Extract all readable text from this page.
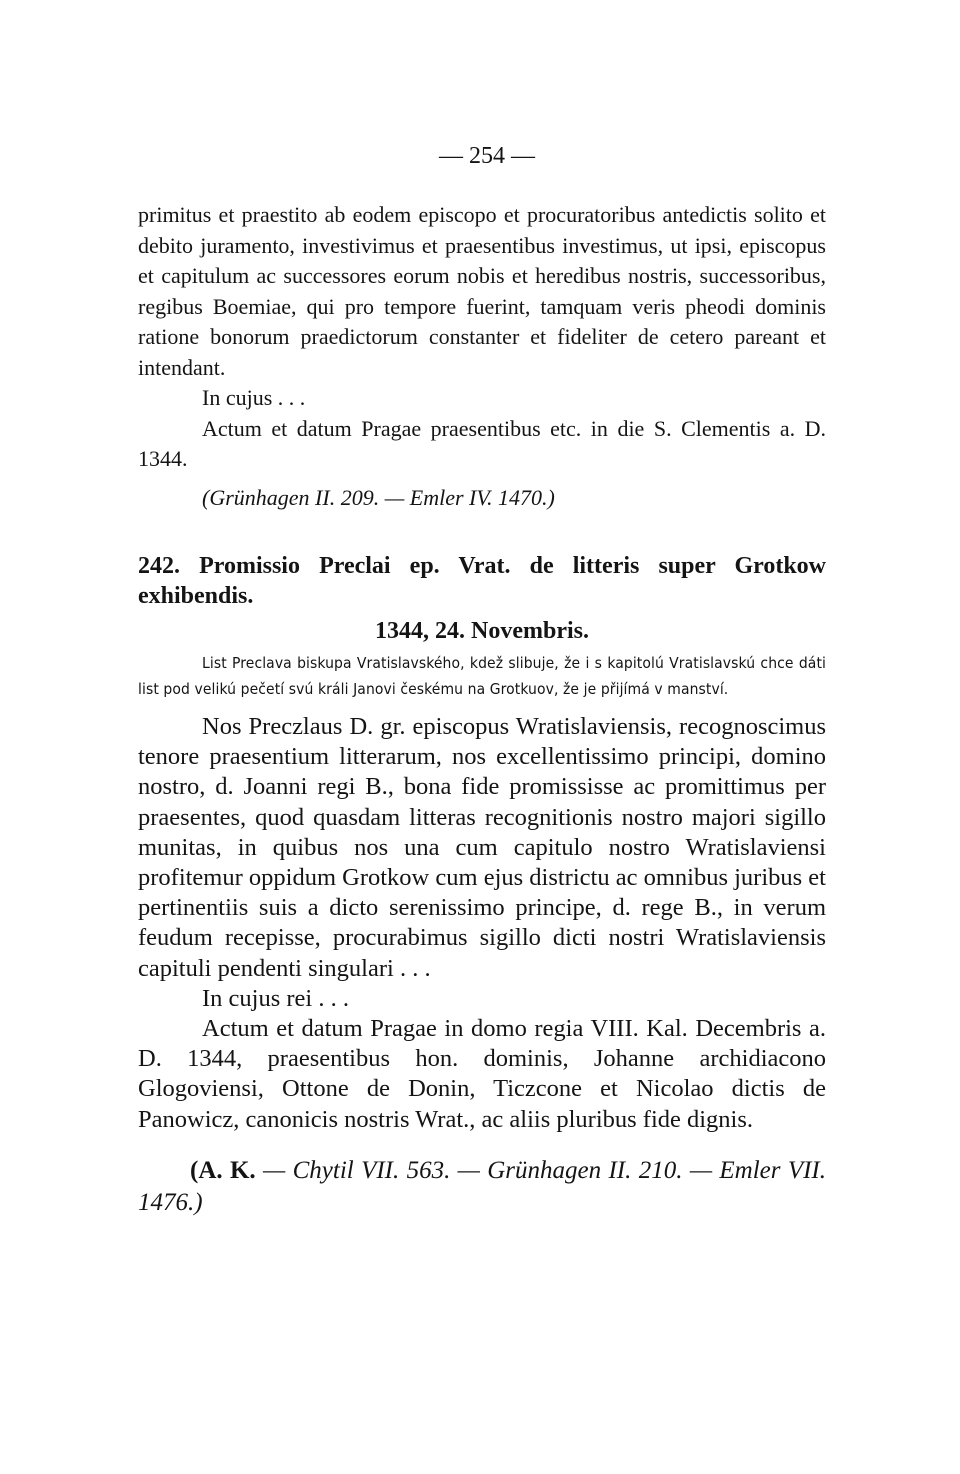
— 254 —

primitus et praestito ab eodem episcopo et procuratoribus antedictis solito et debito juramento, investivimus et praesentibus investimus, ut ipsi, episcopus et capitulum ac successores eorum nobis et heredibus nostris, successoribus, regibus Boemiae, qui pro tempore fuerint, tamquam veris pheodi dominis ratione bonorum praedictorum constanter et fideliter de cetero pareant et intendant.

In cujus . . .

Actum et datum Pragae praesentibus etc. in die S. Clementis a. D. 1344.

(Grünhagen II. 209. — Emler IV. 1470.)

242. Promissio Preclai ep. Vrat. de litteris super Grotkow exhibendis.

1344, 24. Novembris.

List Preclava biskupa Vratislavského, kdež slibuje, že i s kapitolú Vratislavskú chce dáti list pod velikú pečetí svú králi Janovi českému na Grotkuov, že je přijímá v manství.

Nos Preczlaus D. gr. episcopus Wratislaviensis, recognoscimus tenore praesentium litterarum, nos excellentissimo principi, domino nostro, d. Joanni regi B., bona fide promississe ac promittimus per praesentes, quod quasdam litteras recognitionis nostro majori sigillo munitas, in quibus nos una cum capitulo nostro Wratislaviensi profitemur oppidum Grotkow cum ejus districtu ac omnibus juribus et pertinentiis suis a dicto serenissimo principe, d. rege B., in verum feudum recepisse, procurabimus sigillo dicti nostri Wratislaviensis capituli pendenti singulari . . .

In cujus rei . . .

Actum et datum Pragae in domo regia VIII. Kal. Decembris a. D. 1344, praesentibus hon. dominis, Johanne archidiacono Glogoviensi, Ottone de Donin, Ticzcone et Nicolao dictis de Panowicz, canonicis nostris Wrat., ac aliis pluribus fide dignis.

(A. K. — Chytil VII. 563. — Grünhagen II. 210. — Emler VII. 1476.)
